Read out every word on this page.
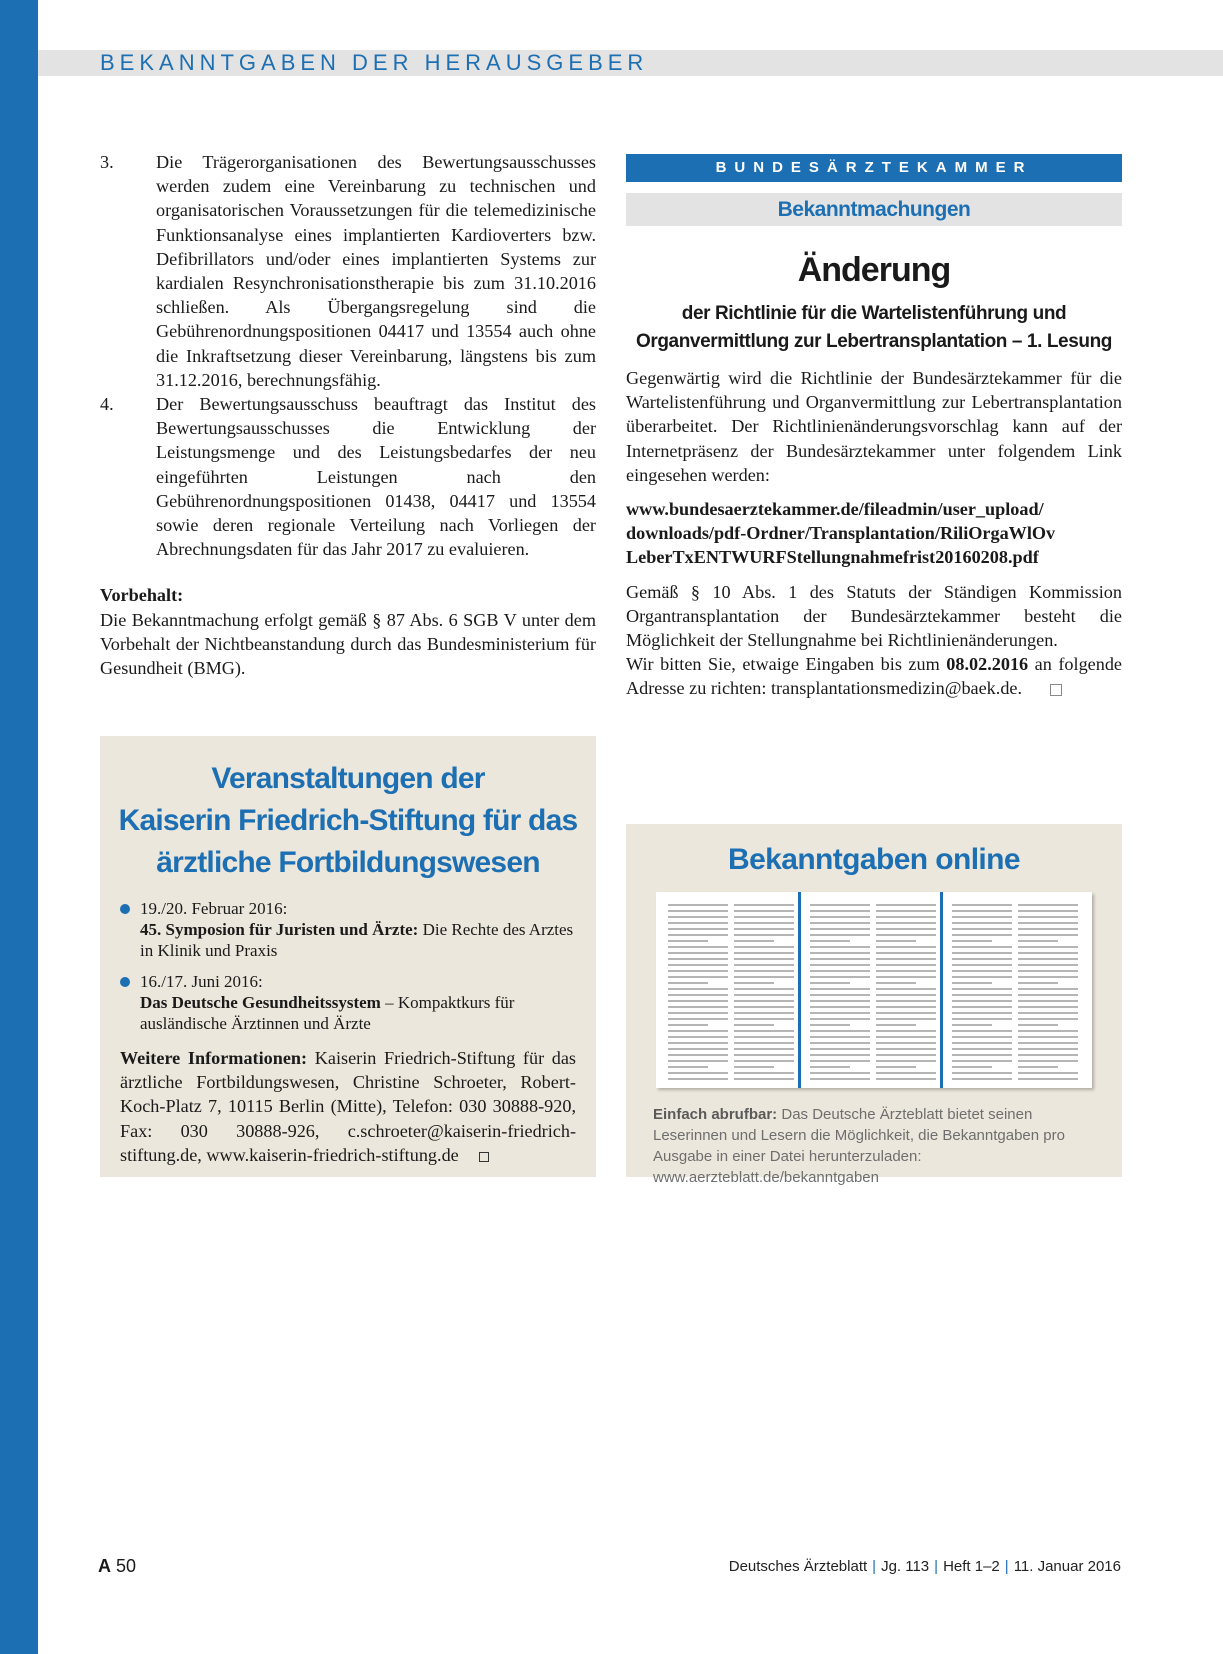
BEKANNTGABEN DER HERAUSGEBER
3.	Die Trägerorganisationen des Bewertungsausschusses werden zudem eine Vereinbarung zu technischen und organisatorischen Voraussetzungen für die telemedizinische Funktionsanalyse eines implantierten Kardioverters bzw. Defibrillators und/oder eines implantierten Systems zur kardialen Resynchronisationstherapie bis zum 31.10.2016 schließen. Als Übergangsregelung sind die Gebührenordnungspositionen 04417 und 13554 auch ohne die Inkraftsetzung dieser Vereinbarung, längstens bis zum 31.12.2016, berechnungsfähig.
4.	Der Bewertungsausschuss beauftragt das Institut des Bewertungsausschusses die Entwicklung der Leistungsmenge und des Leistungsbedarfes der neu eingeführten Leistungen nach den Gebührenordnungspositionen 01438, 04417 und 13554 sowie deren regionale Verteilung nach Vorliegen der Abrechnungsdaten für das Jahr 2017 zu evaluieren.
Vorbehalt:
Die Bekanntmachung erfolgt gemäß § 87 Abs. 6 SGB V unter dem Vorbehalt der Nichtbeanstandung durch das Bundesministerium für Gesundheit (BMG).
BUNDESÄRZTEKAMMER
Bekanntmachungen
Änderung
der Richtlinie für die Wartelistenführung und
Organvermittlung zur Lebertransplantation – 1. Lesung
Gegenwärtig wird die Richtlinie der Bundesärztekammer für die Wartelistenführung und Organvermittlung zur Lebertransplantation überarbeitet. Der Richtlinienänderungsvorschlag kann auf der Internetpräsenz der Bundesärztekammer unter folgendem Link eingesehen werden:
www.bundesaerztekammer.de/fileadmin/user_upload/
downloads/pdf-Ordner/Transplantation/RiliOrgaWlOv
LeberTxENTWURFStellungnahmefrist20160208.pdf
Gemäß § 10 Abs. 1 des Statuts der Ständigen Kommission Organtransplantation der Bundesärztekammer besteht die Möglichkeit der Stellungnahme bei Richtlinienänderungen.
Wir bitten Sie, etwaige Eingaben bis zum 08.02.2016 an folgende Adresse zu richten: transplantationsmedizin@baek.de.
Veranstaltungen der
Kaiserin Friedrich-Stiftung für das
ärztliche Fortbildungswesen
19./20. Februar 2016:
45. Symposion für Juristen und Ärzte: Die Rechte des Arztes in Klinik und Praxis
16./17. Juni 2016:
Das Deutsche Gesundheitssystem – Kompaktkurs für ausländische Ärztinnen und Ärzte
Weitere Informationen: Kaiserin Friedrich-Stiftung für das ärztliche Fortbildungswesen, Christine Schroeter, Robert-Koch-Platz 7, 10115 Berlin (Mitte), Telefon: 030 30888-920, Fax: 030 30888-926, c.schroeter@kaiserin-friedrich-stiftung.de, www.kaiserin-friedrich-stiftung.de
Bekanntgaben online
Einfach abrufbar: Das Deutsche Ärzteblatt bietet seinen Leserinnen und Lesern die Möglichkeit, die Bekanntgaben pro Ausgabe in einer Datei herunterzuladen: www.aerzteblatt.de/bekanntgaben
A 50	Deutsches Ärzteblatt | Jg. 113 | Heft 1–2 | 11. Januar 2016
